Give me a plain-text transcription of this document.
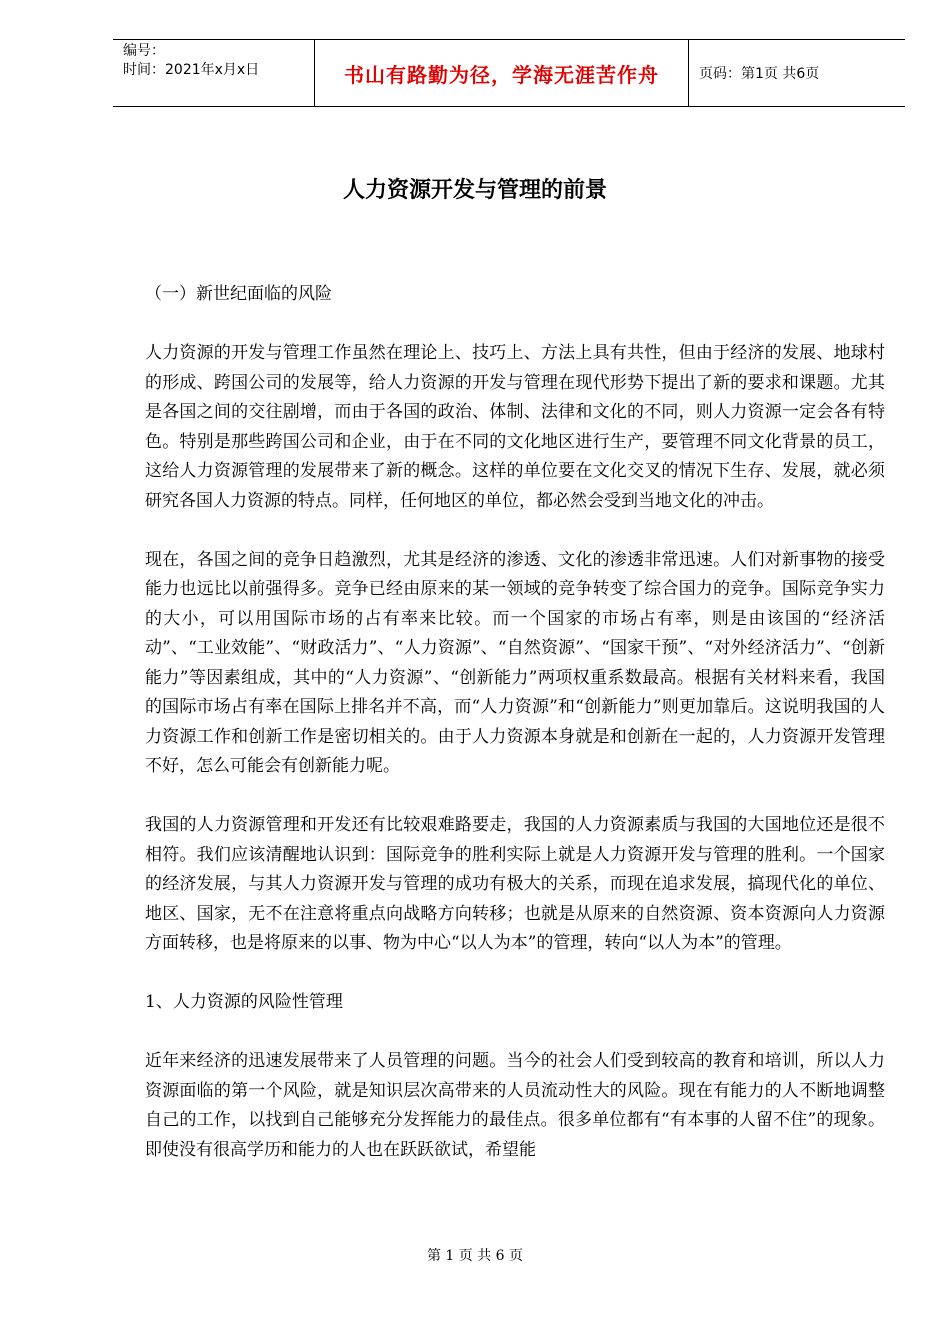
编号：
时间：2021年x月x日	书山有路勤为径，学海无涯苦作舟	页码：第1页 共6页
人力资源开发与管理的前景
（一）新世纪面临的风险

人力资源的开发与管理工作虽然在理论上、技巧上、方法上具有共性，但由于经济的发展、地球村的形成、跨国公司的发展等，给人力资源的开发与管理在现代形势下提出了新的要求和课题。尤其是各国之间的交往剧增，而由于各国的政治、体制、法律和文化的不同，则人力资源一定会各有特色。特别是那些跨国公司和企业，由于在不同的文化地区进行生产，要管理不同文化背景的员工，这给人力资源管理的发展带来了新的概念。这样的单位要在文化交叉的情况下生存、发展，就必须研究各国人力资源的特点。同样，任何地区的单位，都必然会受到当地文化的冲击。

现在，各国之间的竞争日趋激烈，尤其是经济的渗透、文化的渗透非常迅速。人们对新事物的接受能力也远比以前强得多。竞争已经由原来的某一领域的竞争转变了综合国力的竞争。国际竞争实力的大小，可以用国际市场的占有率来比较。而一个国家的市场占有率，则是由该国的“经济活动”、“工业效能”、“财政活力”、“人力资源”、“自然资源”、“国家干预”、“对外经济活力”、“创新能力”等因素组成，其中的“人力资源”、“创新能力”两项权重系数最高。根据有关材料来看，我国的国际市场占有率在国际上排名并不高，而“人力资源”和“创新能力”则更加靠后。这说明我国的人力资源工作和创新工作是密切相关的。由于人力资源本身就是和创新在一起的，人力资源开发管理不好，怎么可能会有创新能力呢。

我国的人力资源管理和开发还有比较艰难路要走，我国的人力资源素质与我国的大国地位还是很不相符。我们应该清醒地认识到：国际竞争的胜利实际上就是人力资源开发与管理的胜利。一个国家的经济发展，与其人力资源开发与管理的成功有极大的关系，而现在追求发展，搞现代化的单位、地区、国家，无不在注意将重点向战略方向转移；也就是从原来的自然资源、资本资源向人力资源方面转移，也是将原来的以事、物为中心“以人为本”的管理，转向“以人为本”的管理。

1、人力资源的风险性管理

近年来经济的迅速发展带来了人员管理的问题。当今的社会人们受到较高的教育和培训，所以人力资源面临的第一个风险，就是知识层次高带来的人员流动性大的风险。现在有能力的人不断地调整自己的工作，以找到自己能够充分发挥能力的最佳点。很多单位都有“有本事的人留不住”的现象。即使没有很高学历和能力的人也在跃跃欲试，希望能

第 1 页 共 6 页
